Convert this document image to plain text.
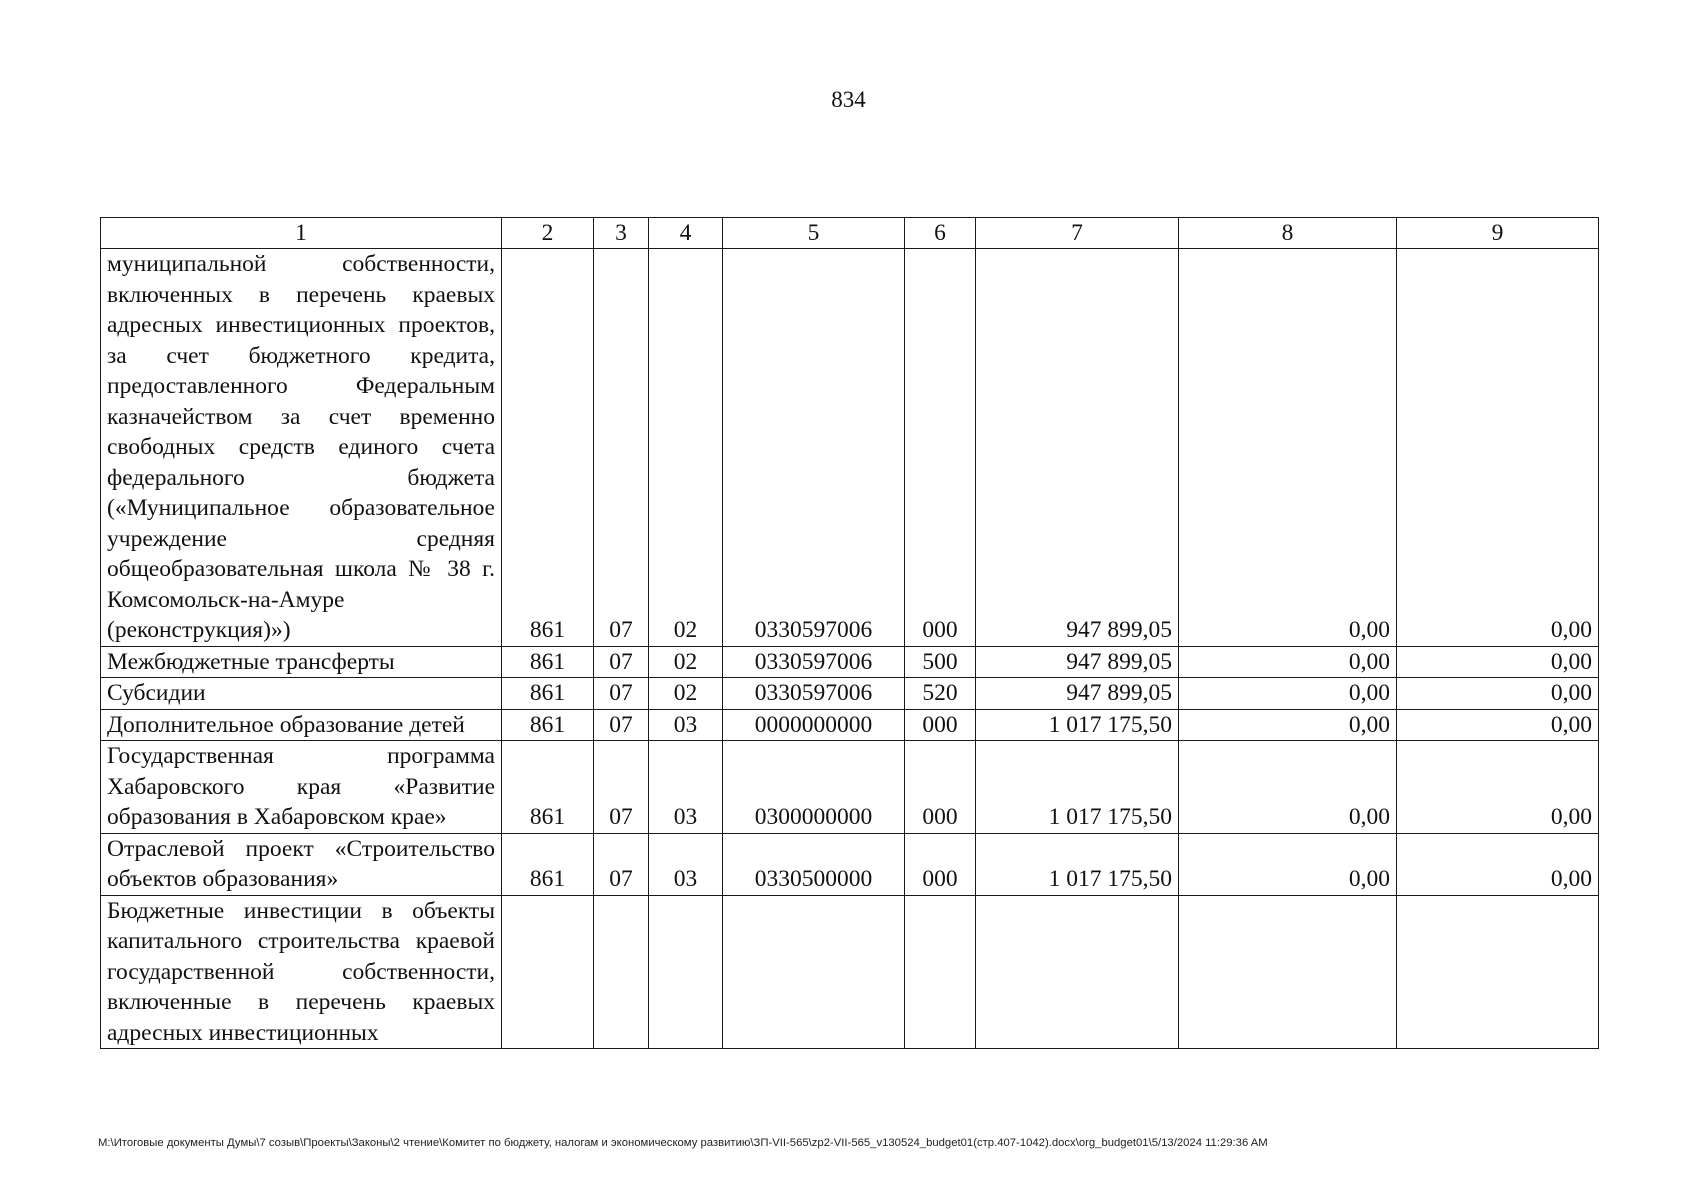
834
1	2	3	4	5	6	7	8	9
муниципальной собственности, включенных в перечень краевых адресных инвестиционных проектов, за счет бюджетного кредита, предоставленного Федеральным казначейством за счет временно свободных средств единого счета федерального бюджета («Муниципальное образовательное учреждение средняя общеобразовательная школа № 38 г. Комсомольск-на-Амуре (реконструкция)»)	861	07	02	0330597006	000	947 899,05	0,00	0,00
Межбюджетные трансферты	861	07	02	0330597006	500	947 899,05	0,00	0,00
Субсидии	861	07	02	0330597006	520	947 899,05	0,00	0,00
Дополнительное образование детей	861	07	03	0000000000	000	1 017 175,50	0,00	0,00
Государственная программа Хабаровского края «Развитие образования в Хабаровском крае»	861	07	03	0300000000	000	1 017 175,50	0,00	0,00
Отраслевой проект «Строительство объектов образования»	861	07	03	0330500000	000	1 017 175,50	0,00	0,00
Бюджетные инвестиции в объекты капитального строительства краевой государственной собственности, включенные в перечень краевых адресных инвестиционных								
M:\Итоговые документы Думы\7 созыв\Проекты\Законы\2 чтение\Комитет по бюджету, налогам и экономическому развитию\ЗП-VII-565\zp2-VII-565_v130524_budget01(стр.407-1042).docx\org_budget01\5/13/2024 11:29:36 AM
